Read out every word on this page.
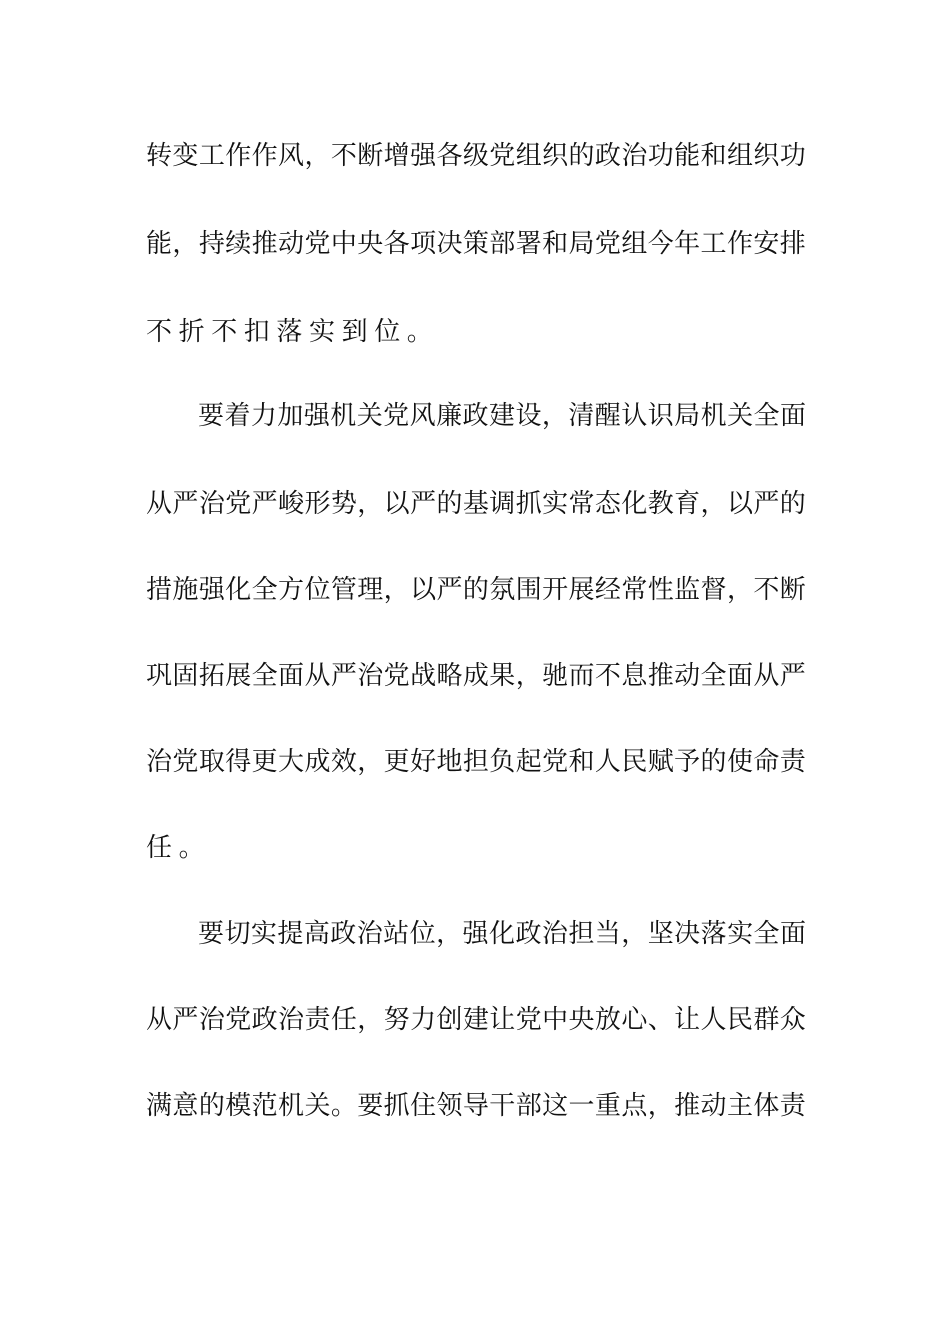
转 变 工 作 作 风 ， 不 断 增 强 各 级 党 组 织 的 政 治 功 能 和 组 织 功

能 ， 持 续 推 动 党 中 央 各 项 决 策 部 署 和 局 党 组 今 年 工 作 安 排

不折不扣落实到位。

要 着 力 加 强 机 关 党 风 廉 政 建 设 ， 清 醒 认 识 局 机 关 全 面

从 严 治 党 严 峻 形 势 ， 以 严 的 基 调 抓 实 常 态 化 教 育 ， 以 严 的

措 施 强 化 全 方 位 管 理 ， 以 严 的 氛 围 开 展 经 常 性 监 督 ， 不 断

巩 固 拓 展 全 面 从 严 治 党 战 略 成 果 ， 驰 而 不 息 推 动 全 面 从 严

治 党 取 得 更 大 成 效 ， 更 好 地 担 负 起 党 和 人 民 赋 予 的 使 命 责

任。

要 切 实 提 高 政 治 站 位 ， 强 化 政 治 担 当 ， 坚 决 落 实 全 面

从 严 治 党 政 治 责 任 ， 努 力 创 建 让 党 中 央 放 心 、 让 人 民 群 众

满 意 的 模 范 机 关 。 要 抓 住 领 导 干 部 这 一 重 点 ， 推 动 主 体 责
